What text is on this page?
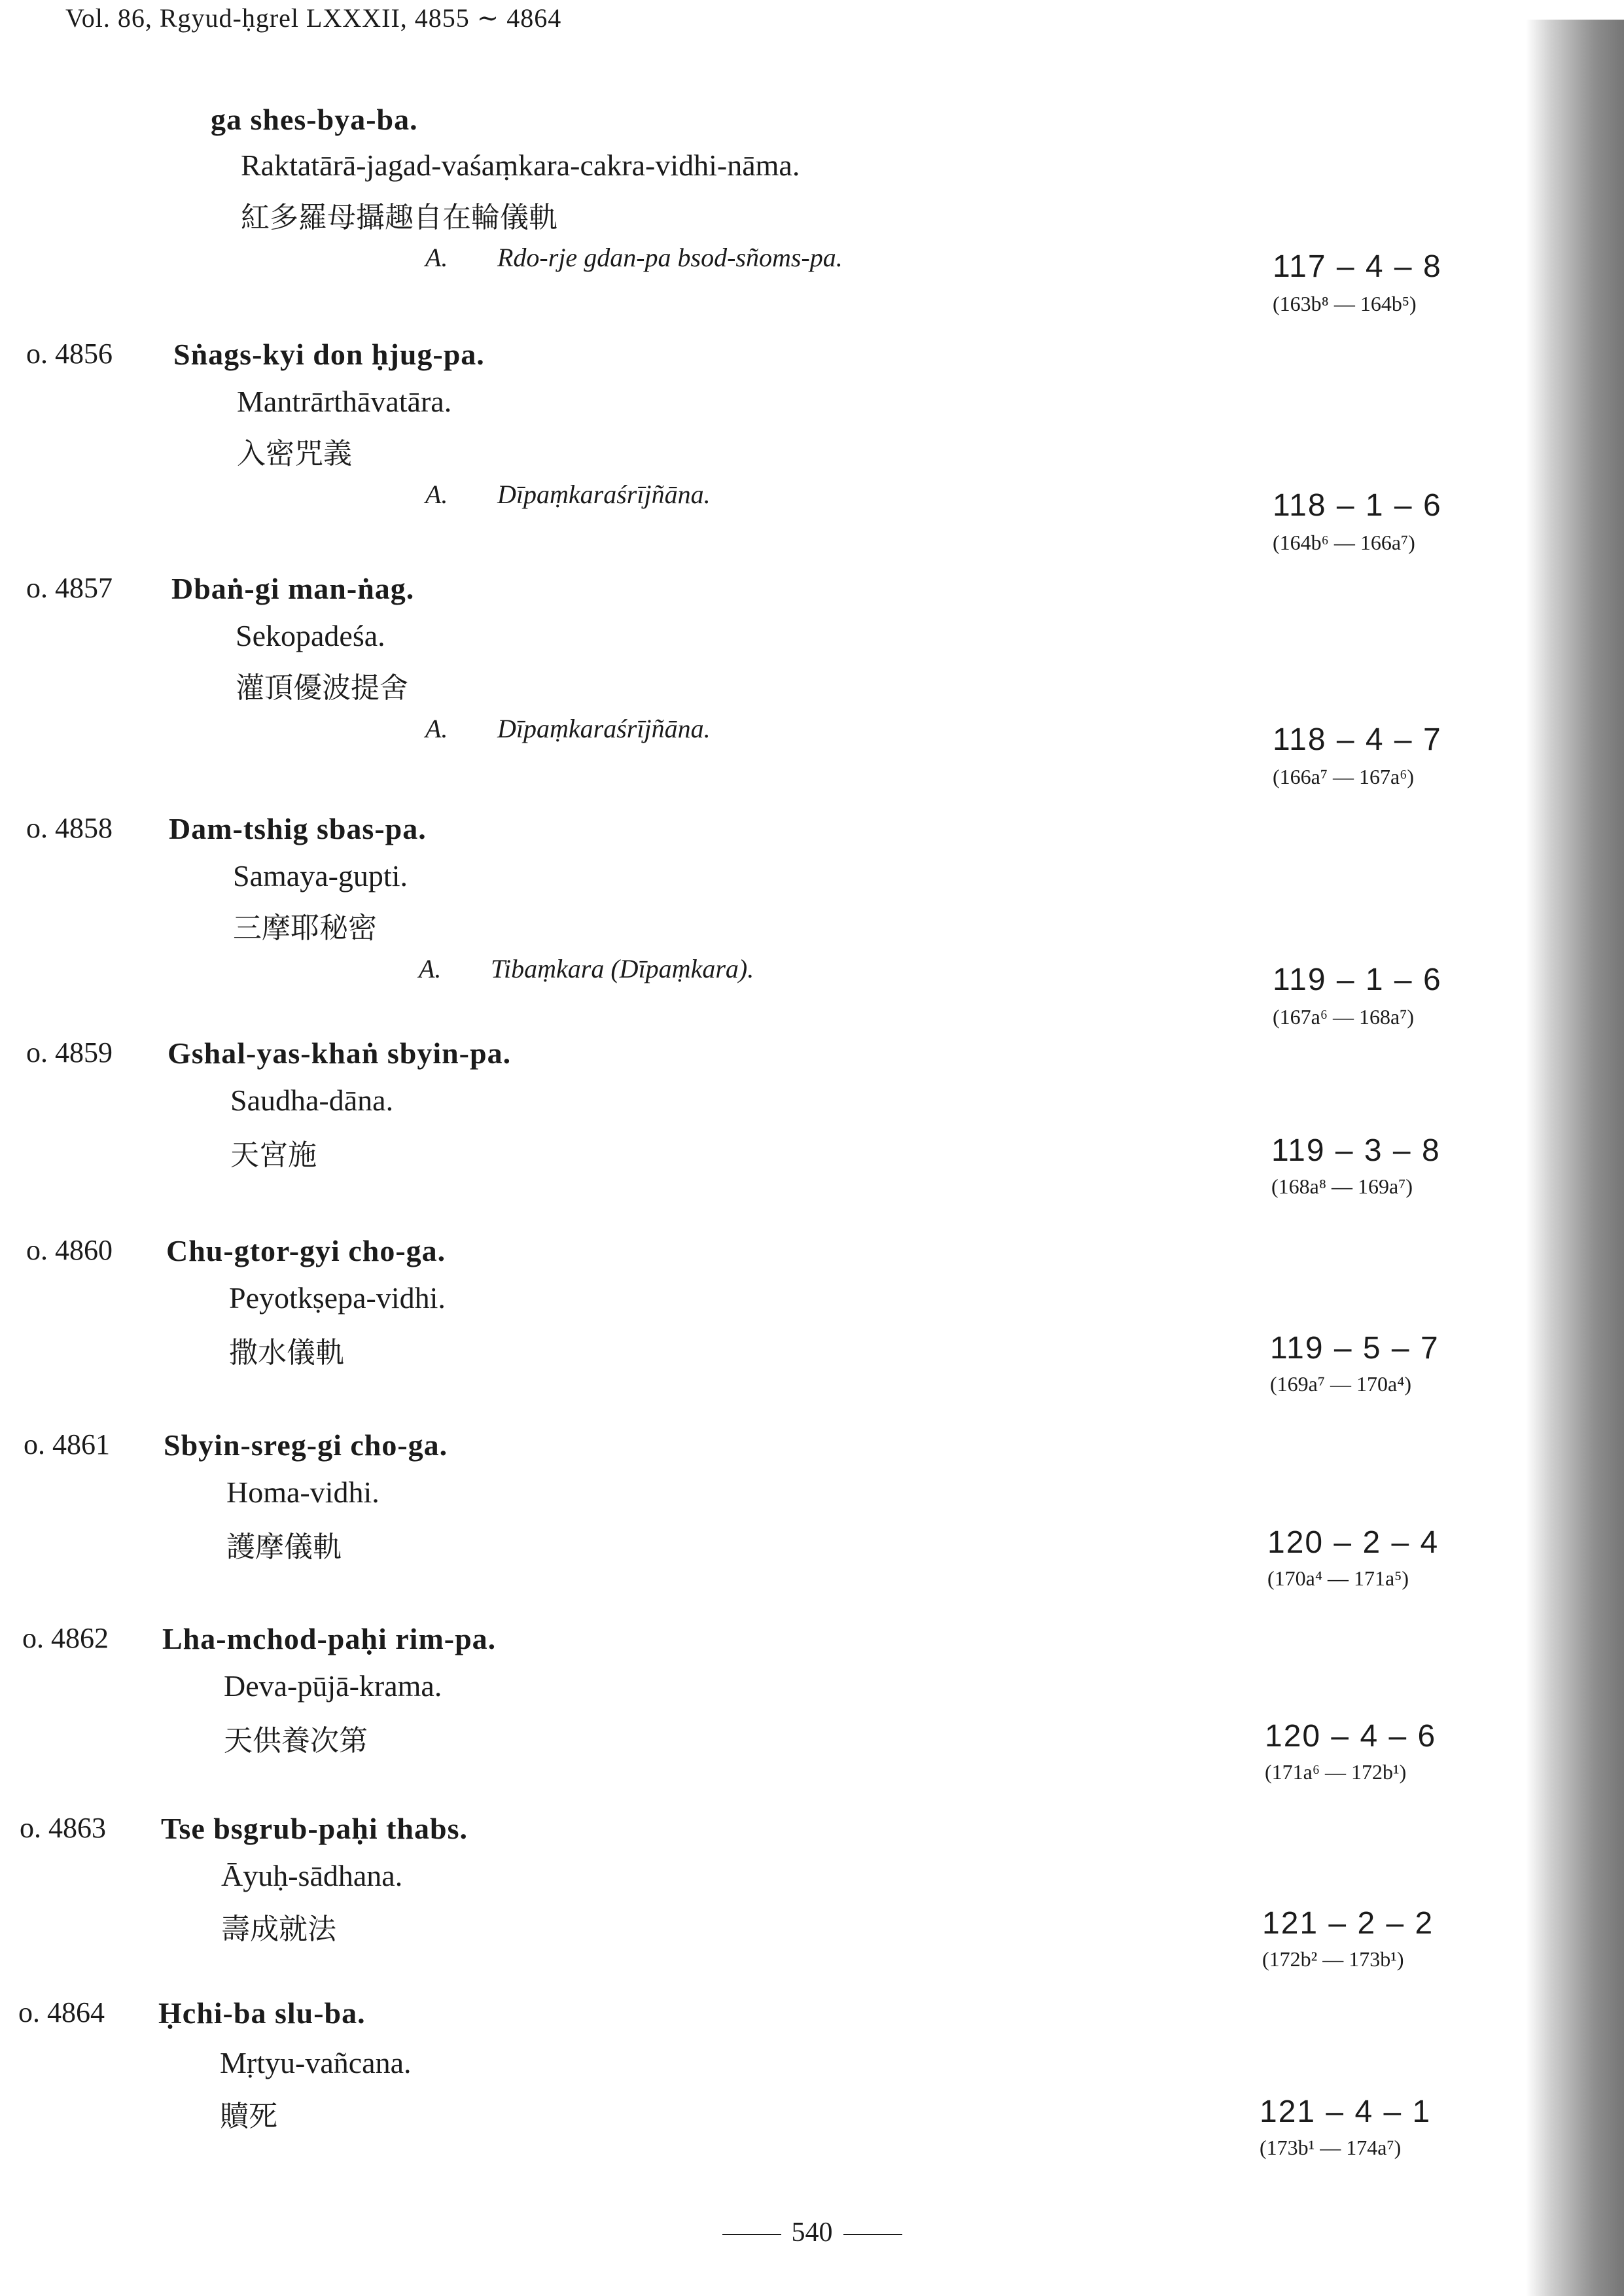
Vol. 86, Rgyud-ḥgrel LXXXII, 4855 ∼ 4864
ga shes-bya-ba.
Raktatārā-jagad-vaśaṃkara-cakra-vidhi-nāma.
紅多羅母攝趣自在輪儀軌
A. Rdo-rje gdan-pa bsod-sñoms-pa.	117 – 4 – 8
(163b⁸ — 164b⁵)
o. 4856 Sṅags-kyi don ḥjug-pa.
Mantrārthāvatāra.
入密咒義
A. Dīpaṃkaraśrījñāna.	118 – 1 – 6
(164b⁶ — 166a⁷)
o. 4857 Dbaṅ-gi man-ṅag.
Sekopadeśa.
灌頂優波提舍
A. Dīpaṃkaraśrījñāna.	118 – 4 – 7
(166a⁷ — 167a⁶)
o. 4858 Dam-tshig sbas-pa.
Samaya-gupti.
三摩耶秘密
A. Tibaṃkara (Dīpaṃkara).	119 – 1 – 6
(167a⁶ — 168a⁷)
o. 4859 Gshal-yas-khaṅ sbyin-pa.
Saudha-dāna.
天宮施	119 – 3 – 8
(168a⁸ — 169a⁷)
o. 4860 Chu-gtor-gyi cho-ga.
Peyotkṣepa-vidhi.
撒水儀軌	119 – 5 – 7
(169a⁷ — 170a⁴)
o. 4861 Sbyin-sreg-gi cho-ga.
Homa-vidhi.
護摩儀軌	120 – 2 – 4
(170a⁴ — 171a⁵)
o. 4862 Lha-mchod-paḥi rim-pa.
Deva-pūjā-krama.
天供養次第	120 – 4 – 6
(171a⁶ — 172b¹)
o. 4863 Tse bsgrub-paḥi thabs.
Āyuḥ-sādhana.
壽成就法	121 – 2 – 2
(172b² — 173b¹)
o. 4864 Ḥchi-ba slu-ba.
Mṛtyu-vañcana.
贖死	121 – 4 – 1
(173b¹ — 174a⁷)
540
